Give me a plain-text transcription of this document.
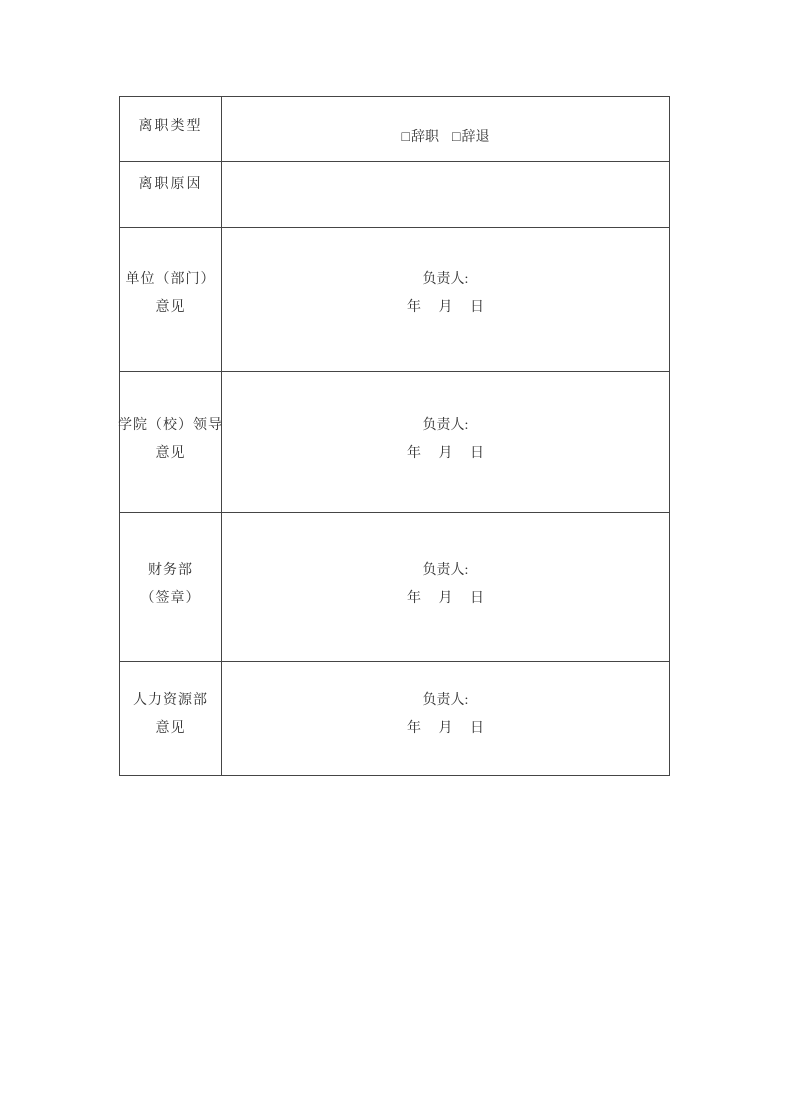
离职类型
□辞职 □辞退
离职原因
单位（部门）
意见
负责人:
年 月 日
学院（校）领导
意见
负责人:
年 月 日
财务部
（签章）
负责人:
年 月 日
人力资源部
意见
负责人:
年 月 日
